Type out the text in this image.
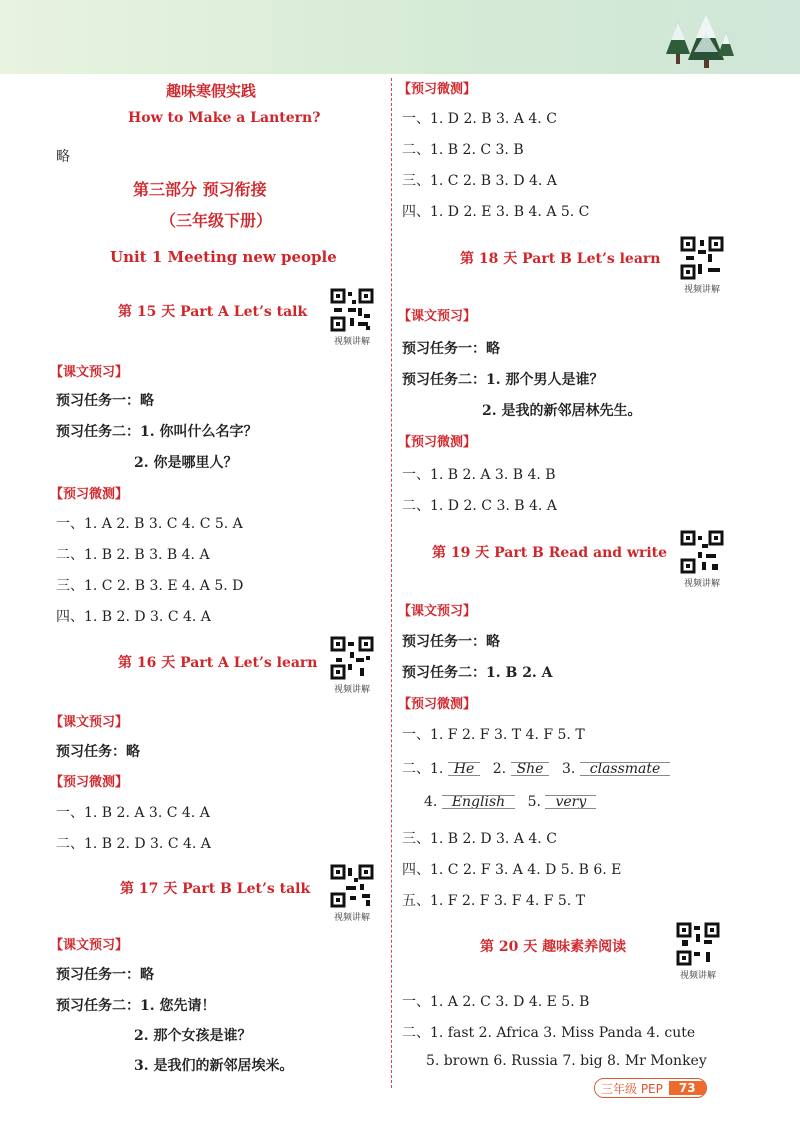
趣味寒假实践
How to Make a Lantern?
略
第三部分 预习衔接
（三年级下册）
Unit 1 Meeting new people
第 15 天 Part A Let’s talk
视频讲解
【课文预习】
预习任务一：略
预习任务二：1. 你叫什么名字？
2. 你是哪里人？
【预习微测】
一、1. A 2. B 3. C 4. C 5. A
二、1. B 2. B 3. B 4. A
三、1. C 2. B 3. E 4. A 5. D
四、1. B 2. D 3. C 4. A
第 16 天 Part A Let’s learn
视频讲解
【课文预习】
预习任务：略
【预习微测】
一、1. B 2. A 3. C 4. A
二、1. B 2. D 3. C 4. A
第 17 天 Part B Let’s talk
视频讲解
【课文预习】
预习任务一：略
预习任务二：1. 您先请！
2. 那个女孩是谁？
3. 是我们的新邻居埃米。
【预习微测】
一、1. D 2. B 3. A 4. C
二、1. B 2. C 3. B
三、1. C 2. B 3. D 4. A
四、1. D 2. E 3. B 4. A 5. C
第 18 天 Part B Let’s learn
视频讲解
【课文预习】
预习任务一：略
预习任务二：1. 那个男人是谁？
2. 是我的新邻居林先生。
【预习微测】
一、1. B 2. A 3. B 4. B
二、1. D 2. C 3. B 4. A
第 19 天 Part B Read and write
视频讲解
【课文预习】
预习任务一：略
预习任务二：1. B 2. A
【预习微测】
一、1. F 2. F 3. T 4. F 5. T
二、1. He 2. She 3. classmate
4. English 5. very
三、1. B 2. D 3. A 4. C
四、1. C 2. F 3. A 4. D 5. B 6. E
五、1. F 2. F 3. F 4. F 5. T
第 20 天 趣味素养阅读
视频讲解
一、1. A 2. C 3. D 4. E 5. B
二、1. fast 2. Africa 3. Miss Panda 4. cute
5. brown 6. Russia 7. big 8. Mr Monkey
三年级 PEP	73
